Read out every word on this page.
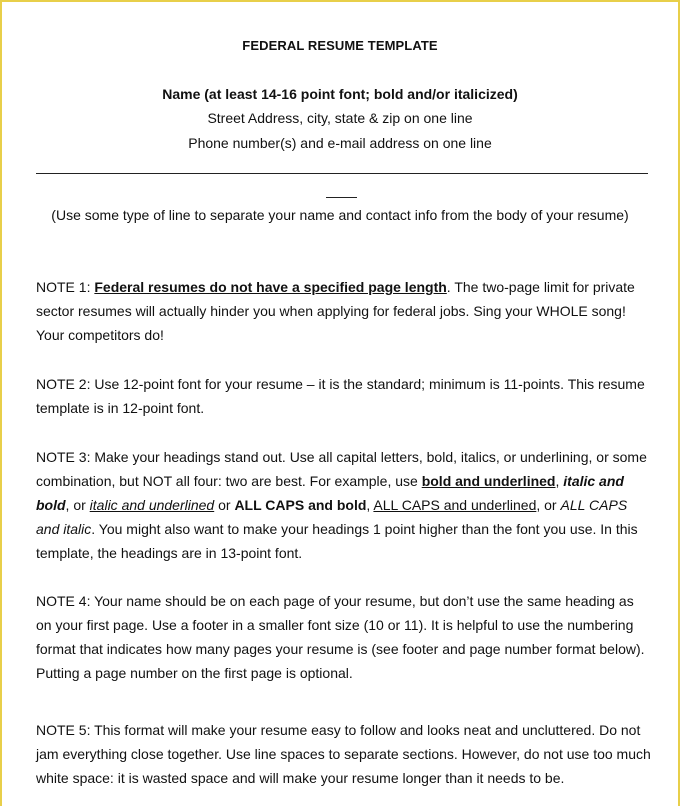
FEDERAL RESUME TEMPLATE
Name (at least 14-16 point font; bold and/or italicized)
Street Address, city, state & zip on one line
Phone number(s) and e-mail address on one line
(Use some type of line to separate your name and contact info from the body of your resume)
NOTE 1: Federal resumes do not have a specified page length. The two-page limit for private sector resumes will actually hinder you when applying for federal jobs. Sing your WHOLE song! Your competitors do!
NOTE 2: Use 12-point font for your resume – it is the standard; minimum is 11-points. This resume template is in 12-point font.
NOTE 3: Make your headings stand out. Use all capital letters, bold, italics, or underlining, or some combination, but NOT all four: two are best. For example, use bold and underlined, italic and bold, or italic and underlined or ALL CAPS and bold, ALL CAPS and underlined, or ALL CAPS and italic. You might also want to make your headings 1 point higher than the font you use. In this template, the headings are in 13-point font.
NOTE 4: Your name should be on each page of your resume, but don’t use the same heading as on your first page. Use a footer in a smaller font size (10 or 11). It is helpful to use the numbering format that indicates how many pages your resume is (see footer and page number format below). Putting a page number on the first page is optional.
NOTE 5: This format will make your resume easy to follow and looks neat and uncluttered. Do not jam everything close together. Use line spaces to separate sections. However, do not use too much white space: it is wasted space and will make your resume longer than it needs to be.
